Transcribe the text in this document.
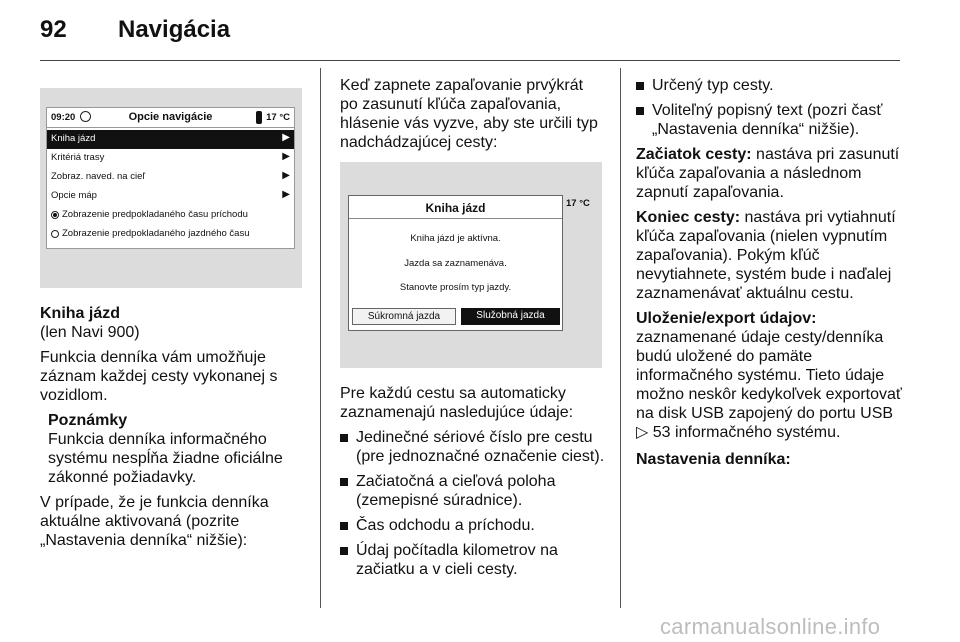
92 Navigácia
09:20	Opcie navigácie	17 °C
Kniha jázd	▶
Kritériá trasy	▶
Zobraz. naved. na cieľ	▶
Opcie máp	▶
Zobrazenie predpokladaného času príchodu
Zobrazenie predpokladaného jazdného času

Kniha jázd

(len Navi 900)

Funkcia denníka vám umožňuje záznam každej cesty vykonanej s vozidlom.

Poznámky
Funkcia denníka informačného systému nespĺňa žiadne oficiálne zákonné požiadavky.

V prípade, že je funkcia denníka aktuálne aktivovaná (pozrite „Nastavenia denníka“ nižšie):

Keď zapnete zapaľovanie prvýkrát po zasunutí kľúča zapaľovania, hlásenie vás vyzve, aby ste určili typ nadchádzajúcej cesty:

Kniha jázd
Kniha jázd je aktívna.
Jazda sa zaznamenáva.
Stanovte prosím typ jazdy.
Súkromná jazda	Služobná jazda
17 °C

Pre každú cestu sa automaticky zaznamenajú nasledujúce údaje:

Jedinečné sériové číslo pre cestu (pre jednoznačné označenie ciest).
Začiatočná a cieľová poloha (zemepisné súradnice).
Čas odchodu a príchodu.
Údaj počítadla kilometrov na začiatku a v cieli cesty.
Určený typ cesty.
Voliteľný popisný text (pozri časť „Nastavenia denníka“ nižšie).

Začiatok cesty: nastáva pri zasunutí kľúča zapaľovania a následnom zapnutí zapaľovania.

Koniec cesty: nastáva pri vytiahnutí kľúča zapaľovania (nielen vypnutím zapaľovania). Pokým kľúč nevytiahnete, systém bude i naďalej zaznamenávať aktuálnu cestu.

Uloženie/export údajov:
zaznamenané údaje cesty/denníka budú uložené do pamäte informačného systému. Tieto údaje možno neskôr kedykoľvek exportovať na disk USB zapojený do portu USB
▷ 53 informačného systému.

Nastavenia denníka:

carmanualsonline.info
